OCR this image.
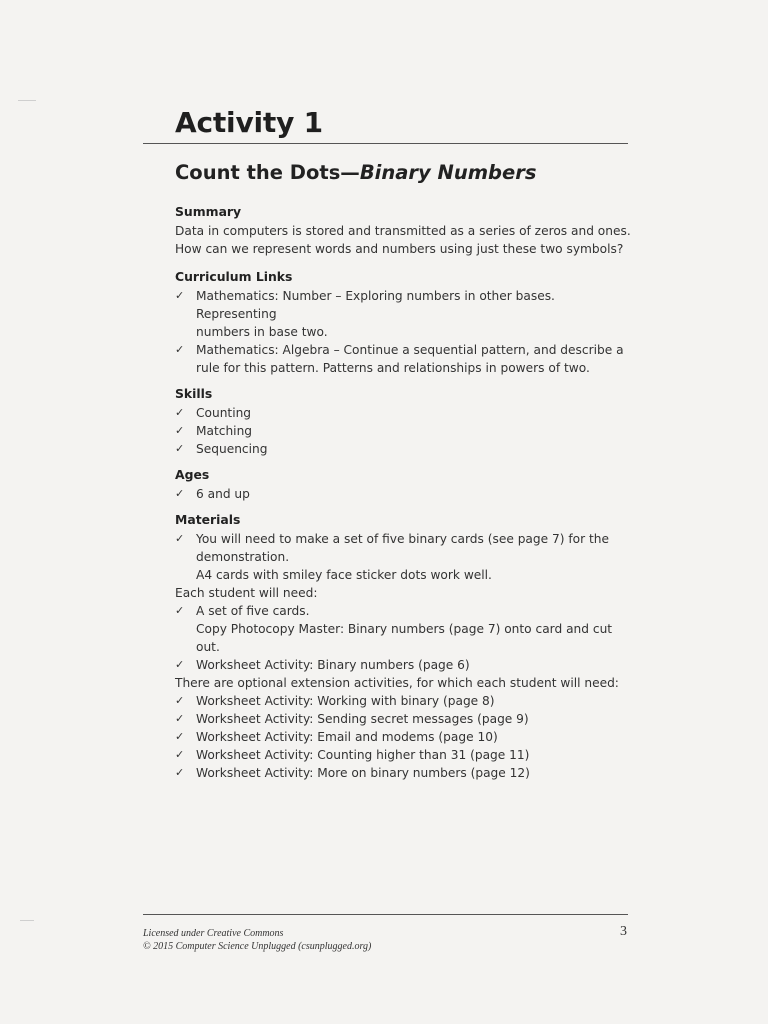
Activity 1
Count the Dots—Binary Numbers
Summary
Data in computers is stored and transmitted as a series of zeros and ones.
How can we represent words and numbers using just these two symbols?
Curriculum Links
✓ Mathematics: Number – Exploring numbers in other bases. Representing
numbers in base two.
✓ Mathematics: Algebra – Continue a sequential pattern, and describe a
rule for this pattern. Patterns and relationships in powers of two.
Skills
✓ Counting
✓ Matching
✓ Sequencing
Ages
✓ 6 and up
Materials
✓ You will need to make a set of five binary cards (see page 7) for the
demonstration.
A4 cards with smiley face sticker dots work well.
Each student will need:
✓ A set of five cards.
Copy Photocopy Master: Binary numbers (page 7) onto card and cut out.
✓ Worksheet Activity: Binary numbers (page 6)
There are optional extension activities, for which each student will need:
✓ Worksheet Activity: Working with binary (page 8)
✓ Worksheet Activity: Sending secret messages (page 9)
✓ Worksheet Activity: Email and modems (page 10)
✓ Worksheet Activity: Counting higher than 31 (page 11)
✓ Worksheet Activity: More on binary numbers (page 12)
Licensed under Creative Commons
© 2015 Computer Science Unplugged (csunplugged.org)
3
